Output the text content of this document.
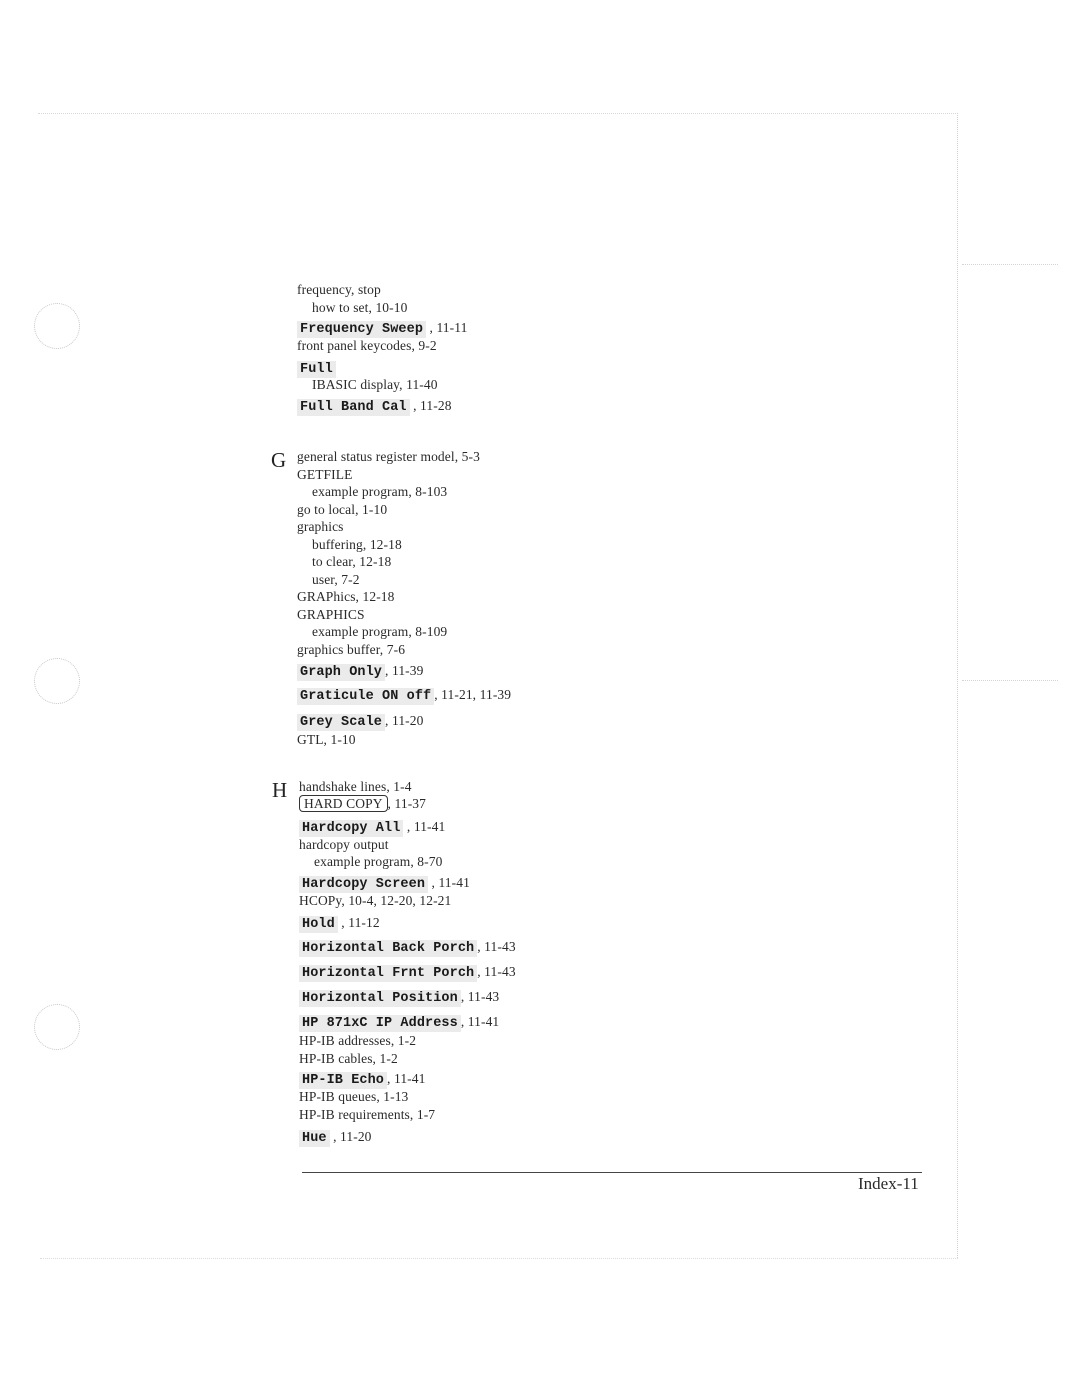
G
H
frequency, stop
how to set, 10-10
Frequency Sweep , 11-11
front panel keycodes, 9-2
Full
IBASIC display, 11-40
Full Band Cal , 11-28
general status register model, 5-3
GETFILE
example program, 8-103
go to local, 1-10
graphics
buffering, 12-18
to clear, 12-18
user, 7-2
GRAPhics, 12-18
GRAPHICS
example program, 8-109
graphics buffer, 7-6
Graph Only , 11-39
Graticule ON off , 11-21, 11-39
Grey Scale , 11-20
GTL, 1-10
handshake lines, 1-4
HARD COPY , 11-37
Hardcopy All , 11-41
hardcopy output
example program, 8-70
Hardcopy Screen , 11-41
HCOPy, 10-4, 12-20, 12-21
Hold , 11-12
Horizontal Back Porch , 11-43
Horizontal Frnt Porch , 11-43
Horizontal Position , 11-43
HP 871xC IP Address , 11-41
HP-IB addresses, 1-2
HP-IB cables, 1-2
HP-IB Echo , 11-41
HP-IB queues, 1-13
HP-IB requirements, 1-7
Hue , 11-20
Index-11
